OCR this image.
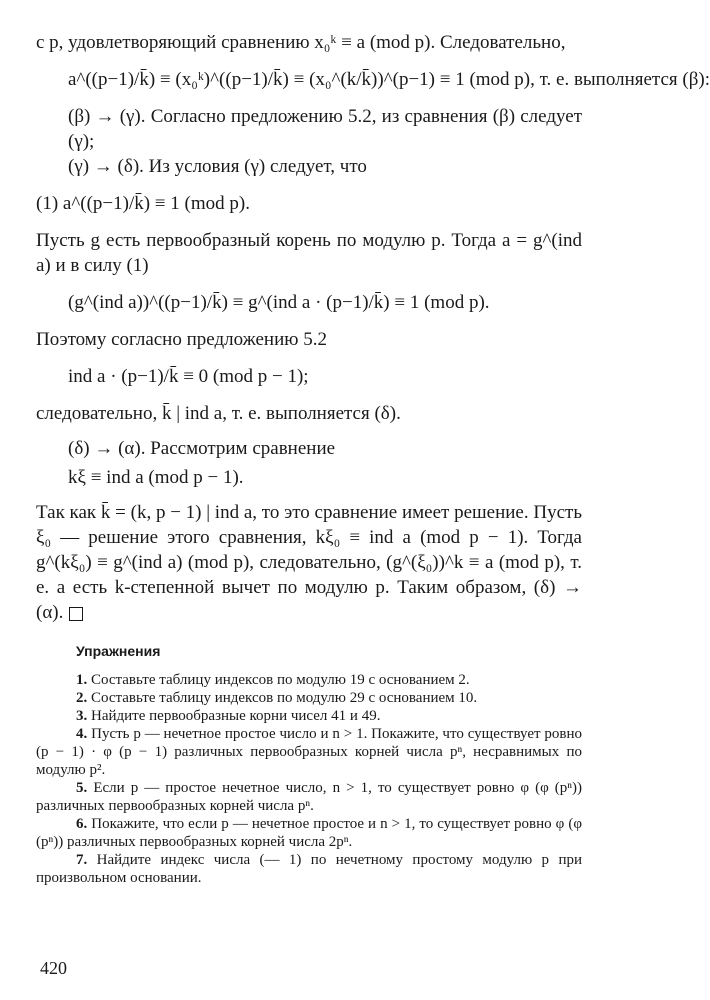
с p, удовлетворяющий сравнению x₀ᵏ ≡ a (mod p). Следовательно,

a^((p−1)/k̄) ≡ (x₀ᵏ)^((p−1)/k̄) ≡ (x₀^(k/k̄))^(p−1) ≡ 1 (mod p), т. е. выполняется (β):

(β) → (γ). Согласно предложению 5.2, из сравнения (β) следует (γ);

(γ) → (δ). Из условия (γ) следует, что

(1) a^((p−1)/k̄) ≡ 1 (mod p).

Пусть g есть первообразный корень по модулю p. Тогда a = g^(ind a) и в силу (1)

(g^(ind a))^((p−1)/k̄) ≡ g^(ind a · (p−1)/k̄) ≡ 1 (mod p).

Поэтому согласно предложению 5.2

ind a · (p−1)/k̄ ≡ 0 (mod p − 1);

следовательно, k̄ | ind a, т. е. выполняется (δ).

(δ) → (α). Рассмотрим сравнение

kξ ≡ ind a (mod p − 1).

Так как k̄ = (k, p − 1) | ind a, то это сравнение имеет решение. Пусть ξ₀ — решение этого сравнения, kξ₀ ≡ ind a (mod p − 1). Тогда g^(kξ₀) ≡ g^(ind a) (mod p), следовательно, (g^(ξ₀))^k ≡ a (mod p), т. е. a есть k-степенной вычет по модулю p. Таким образом, (δ) → (α).

Упражнения

1. Составьте таблицу индексов по модулю 19 с основанием 2.

2. Составьте таблицу индексов по модулю 29 с основанием 10.

3. Найдите первообразные корни чисел 41 и 49.

4. Пусть p — нечетное простое число и n > 1. Покажите, что существует ровно (p − 1) · φ (p − 1) различных первообразных корней числа pⁿ, несравнимых по модулю p².

5. Если p — простое нечетное число, n > 1, то существует ровно φ (φ (pⁿ)) различных первообразных корней числа pⁿ.

6. Покажите, что если p — нечетное простое и n > 1, то существует ровно φ (φ (pⁿ)) различных первообразных корней числа 2pⁿ.

7. Найдите индекс числа (— 1) по нечетному простому модулю p при произвольном основании.

420
